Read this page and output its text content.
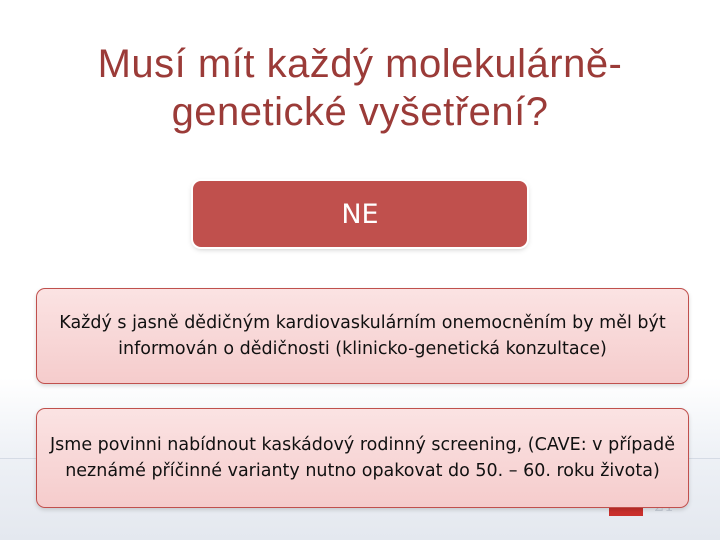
Musí mít každý molekulárně-genetické vyšetření?
NE
Každý s jasně dědičným kardiovaskulárním onemocněním by měl být informován o dědičnosti (klinicko-genetická konzultace)
Jsme povinni nabídnout kaskádový rodinný screening, (CAVE: v případě neznámé příčinné varianty nutno opakovat do 50. – 60. roku života)
